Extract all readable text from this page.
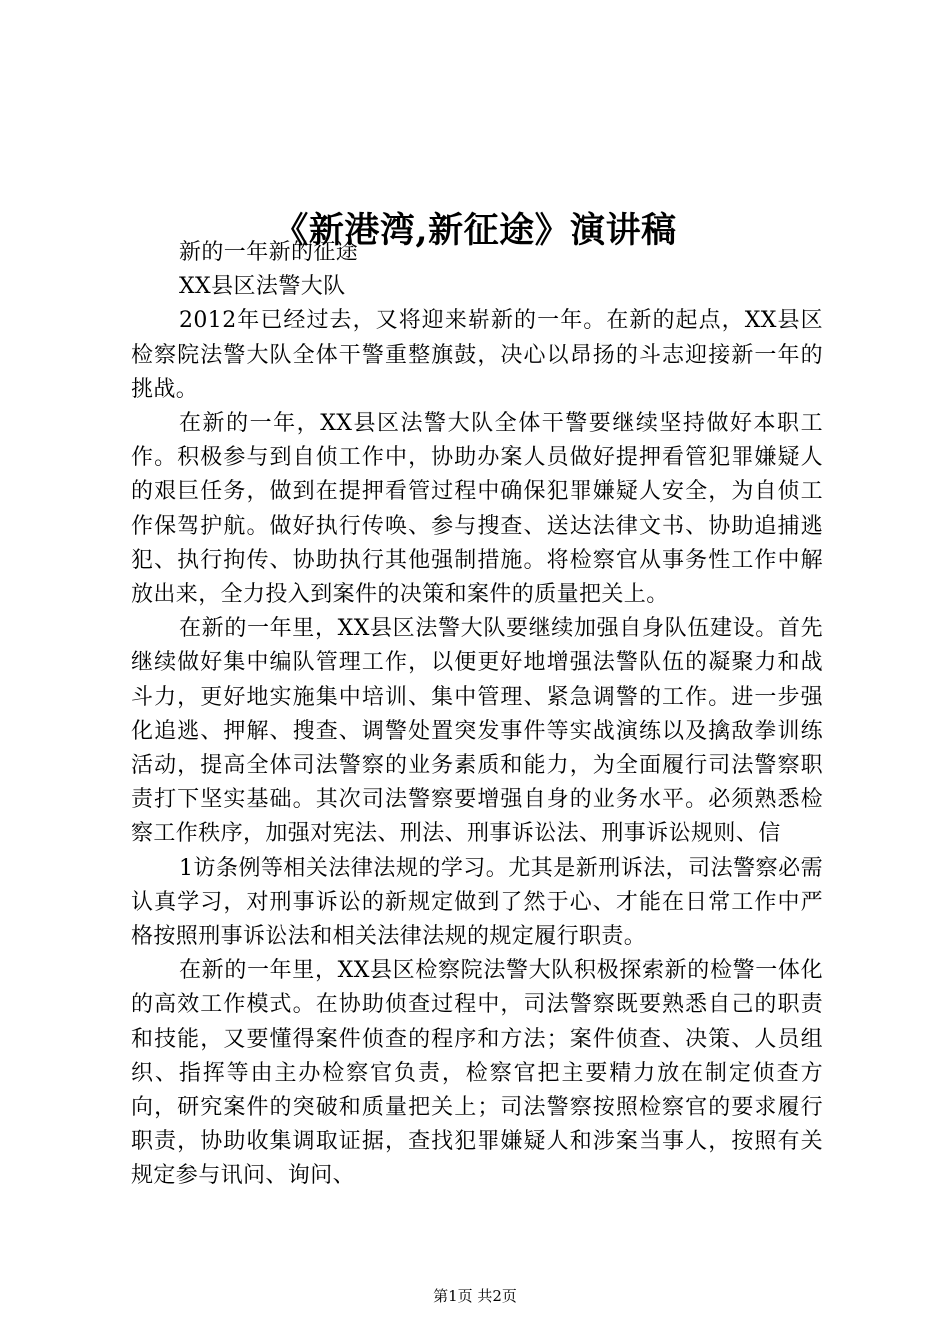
《新港湾,新征途》演讲稿

新的一年新的征途

XX县区法警大队

2012年已经过去，又将迎来崭新的一年。在新的起点，XX县区检察院法警大队全体干警重整旗鼓，决心以昂扬的斗志迎接新一年的挑战。

在新的一年，XX县区法警大队全体干警要继续坚持做好本职工作。积极参与到自侦工作中，协助办案人员做好提押看管犯罪嫌疑人的艰巨任务，做到在提押看管过程中确保犯罪嫌疑人安全，为自侦工作保驾护航。做好执行传唤、参与搜查、送达法律文书、协助追捕逃犯、执行拘传、协助执行其他强制措施。将检察官从事务性工作中解放出来，全力投入到案件的决策和案件的质量把关上。

在新的一年里，XX县区法警大队要继续加强自身队伍建设。首先继续做好集中编队管理工作，以便更好地增强法警队伍的凝聚力和战斗力，更好地实施集中培训、集中管理、紧急调警的工作。进一步强化追逃、押解、搜查、调警处置突发事件等实战演练以及擒敌拳训练活动，提高全体司法警察的业务素质和能力，为全面履行司法警察职责打下坚实基础。其次司法警察要增强自身的业务水平。必须熟悉检察工作秩序，加强对宪法、刑法、刑事诉讼法、刑事诉讼规则、信

1访条例等相关法律法规的学习。尤其是新刑诉法，司法警察必需认真学习，对刑事诉讼的新规定做到了然于心、才能在日常工作中严格按照刑事诉讼法和相关法律法规的规定履行职责。

在新的一年里，XX县区检察院法警大队积极探索新的检警一体化的高效工作模式。在协助侦查过程中，司法警察既要熟悉自己的职责和技能，又要懂得案件侦查的程序和方法；案件侦查、决策、人员组织、指挥等由主办检察官负责，检察官把主要精力放在制定侦查方向，研究案件的突破和质量把关上；司法警察按照检察官的要求履行职责，协助收集调取证据，查找犯罪嫌疑人和涉案当事人，按照有关规定参与讯问、询问、

第1页 共2页
